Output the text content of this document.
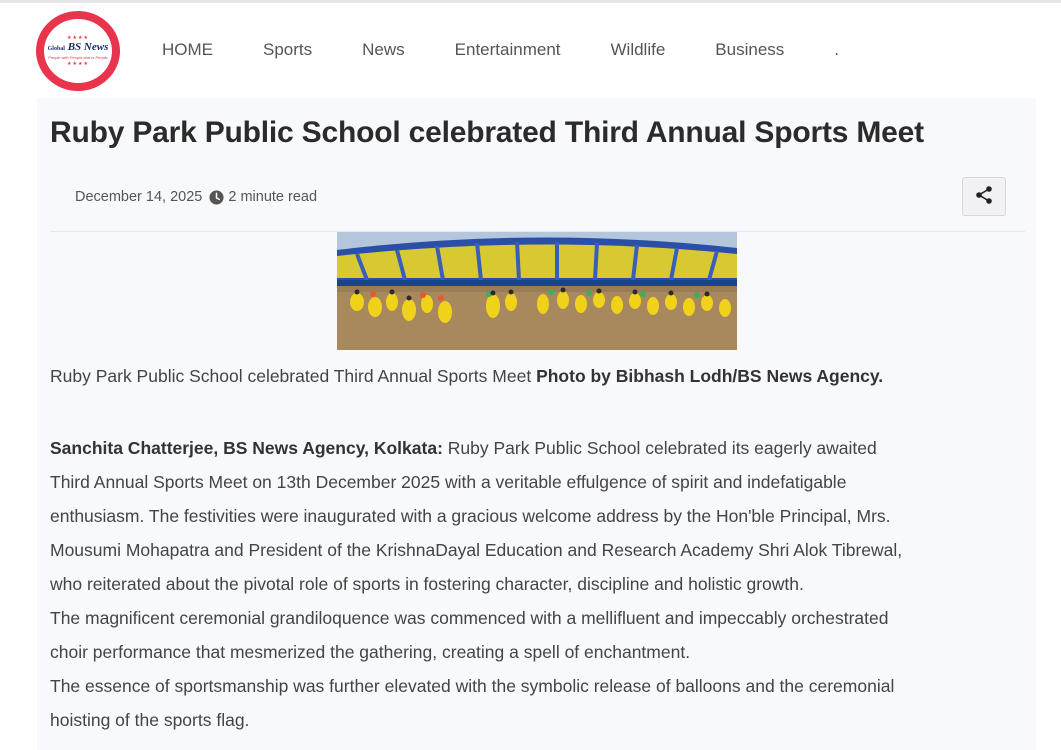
★★★★
Global BS News
People with People and in People
★★★★
HOME	Sports	News	Entertainment	Wildlife	Business	.
Ruby Park Public School celebrated Third Annual Sports Meet
December 14, 2025 2 minute read
Ruby Park Public School celebrated Third Annual Sports Meet Photo by Bibhash Lodh/BS News Agency.

Sanchita Chatterjee, BS News Agency, Kolkata: Ruby Park Public School celebrated its eagerly awaited

Third Annual Sports Meet on 13th December 2025 with a veritable effulgence of spirit and indefatigable

enthusiasm. The festivities were inaugurated with a gracious welcome address by the Hon'ble Principal, Mrs.

Mousumi Mohapatra and President of the KrishnaDayal Education and Research Academy Shri Alok Tibrewal,

who reiterated about the pivotal role of sports in fostering character, discipline and holistic growth.

The magnificent ceremonial grandiloquence was commenced with a mellifluent and impeccably orchestrated

choir performance that mesmerized the gathering, creating a spell of enchantment.

The essence of sportsmanship was further elevated with the symbolic release of balloons and the ceremonial

hoisting of the sports flag.
